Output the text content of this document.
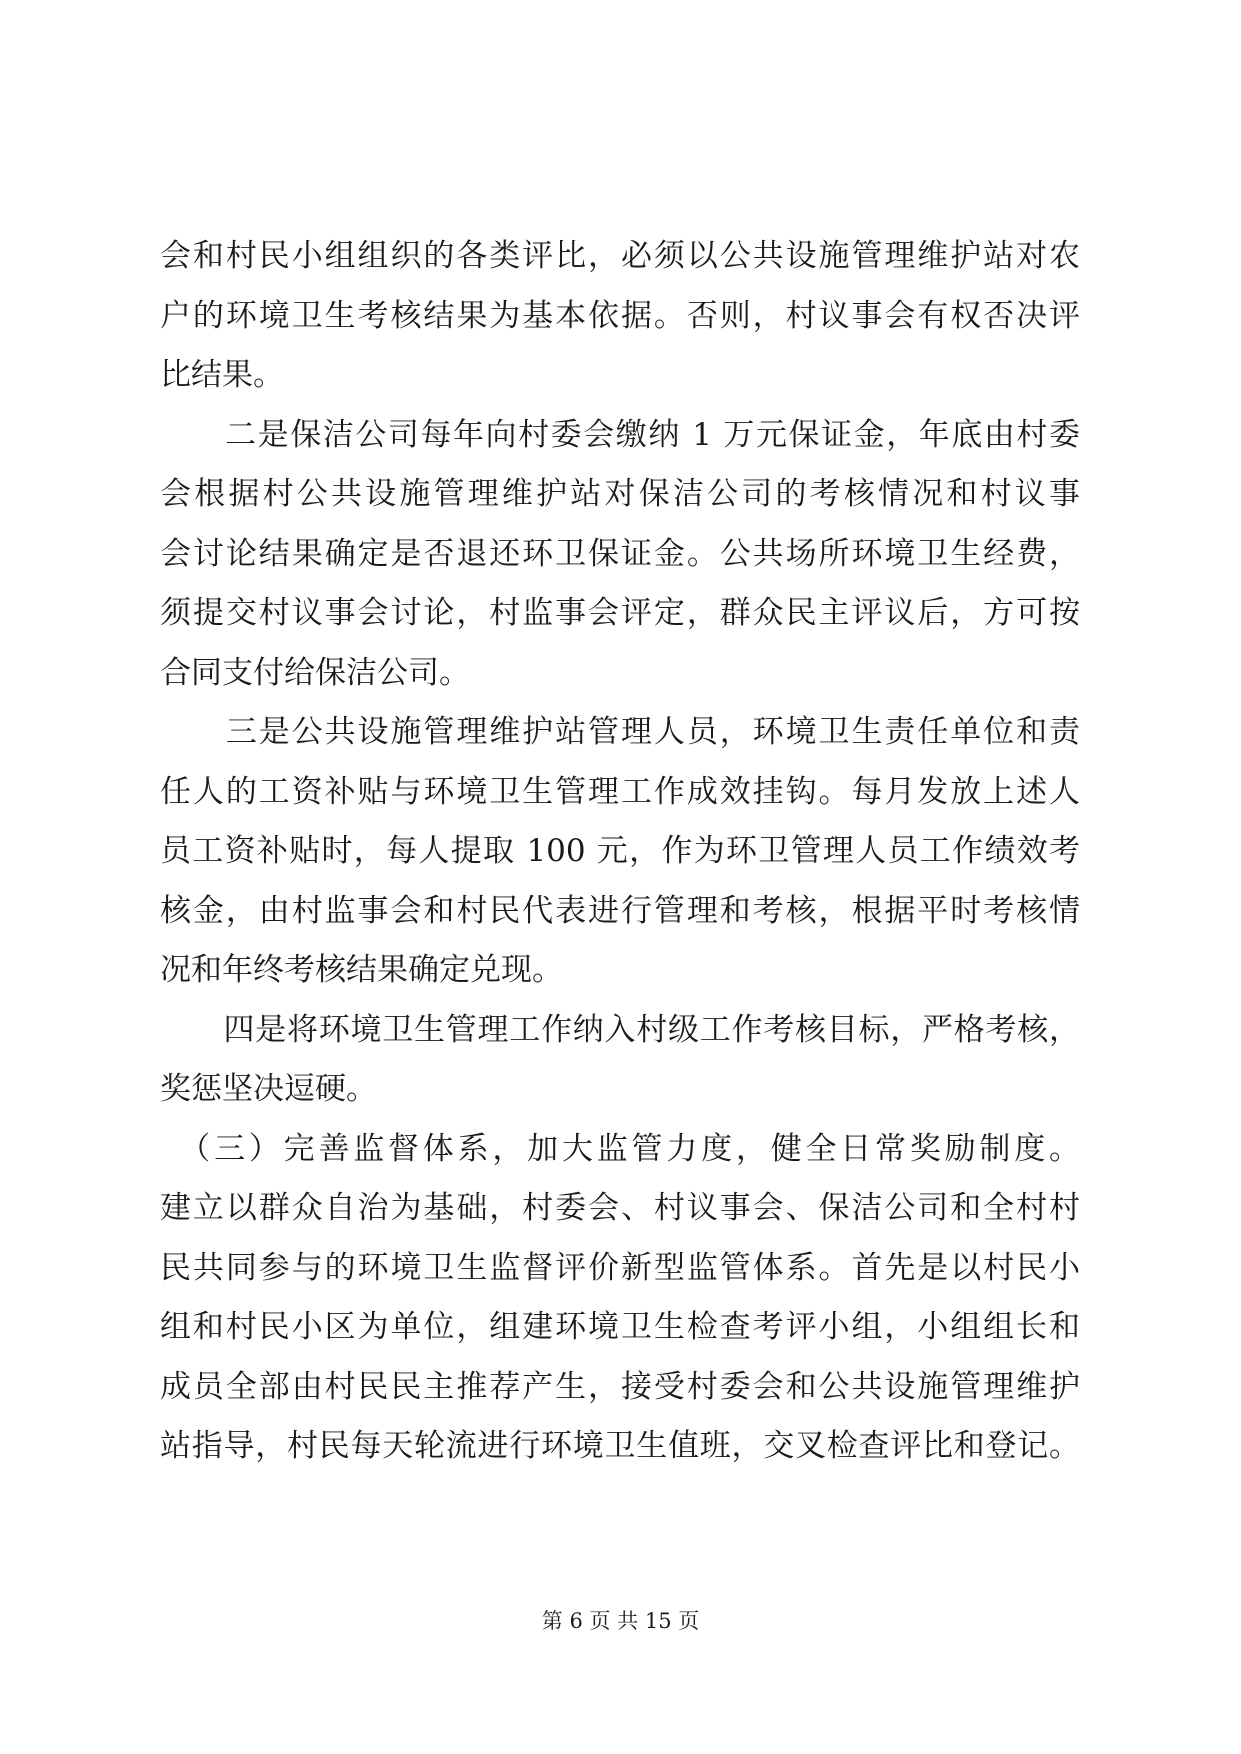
会和村民小组组织的各类评比，必须以公共设施管理维护站对农
户的环境卫生考核结果为基本依据。否则，村议事会有权否决评
比结果。
　　二是保洁公司每年向村委会缴纳 1 万元保证金，年底由村委
会根据村公共设施管理维护站对保洁公司的考核情况和村议事
会讨论结果确定是否退还环卫保证金。公共场所环境卫生经费，
须提交村议事会讨论，村监事会评定，群众民主评议后，方可按
合同支付给保洁公司。
　　三是公共设施管理维护站管理人员，环境卫生责任单位和责
任人的工资补贴与环境卫生管理工作成效挂钩。每月发放上述人
员工资补贴时，每人提取 100 元，作为环卫管理人员工作绩效考
核金，由村监事会和村民代表进行管理和考核，根据平时考核情
况和年终考核结果确定兑现。
　　四是将环境卫生管理工作纳入村级工作考核目标，严格考核，
奖惩坚决逗硬。
　（三）完善监督体系，加大监管力度，健全日常奖励制度。
建立以群众自治为基础，村委会、村议事会、保洁公司和全村村
民共同参与的环境卫生监督评价新型监管体系。首先是以村民小
组和村民小区为单位，组建环境卫生检查考评小组，小组组长和
成员全部由村民民主推荐产生，接受村委会和公共设施管理维护
站指导，村民每天轮流进行环境卫生值班，交叉检查评比和登记。
第 6 页 共 15 页
